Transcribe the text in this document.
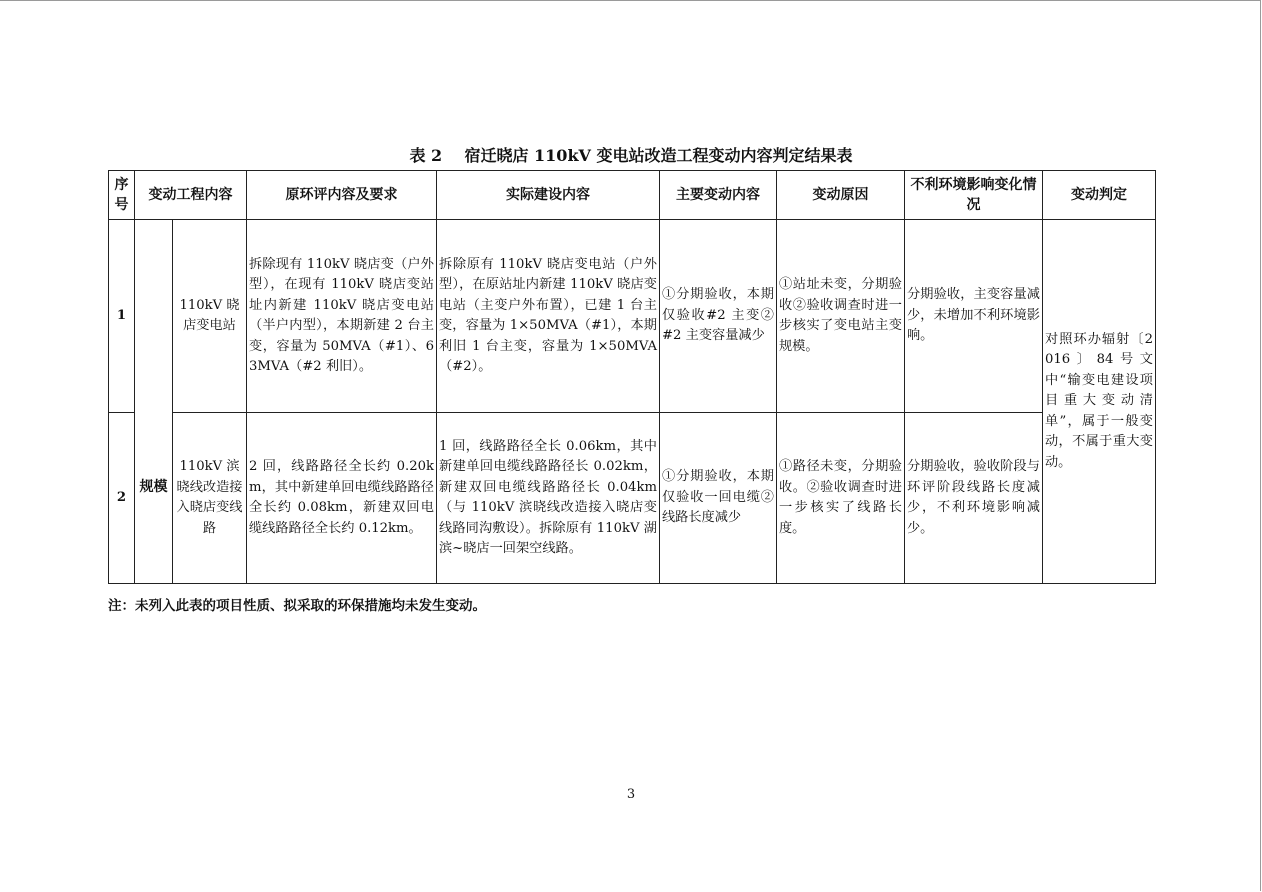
表 2    宿迁晓店 110kV 变电站改造工程变动内容判定结果表
序号	变动工程内容		原环评内容及要求	实际建设内容	主要变动内容	变动原因	不利环境影响变化情况	变动判定
1	规模	110kV 晓店变电站	拆除现有 110kV 晓店变（户外型），在现有 110kV 晓店变站址内新建 110kV 晓店变电站（半户内型），本期新建 2 台主变，容量为 50MVA（#1）、63MVA（#2 利旧）。	拆除原有 110kV 晓店变电站（户外型），在原站址内新建 110kV 晓店变电站（主变户外布置），已建 1 台主变，容量为 1×50MVA（#1），本期利旧 1 台主变，容量为 1×50MVA（#2）。	①分期验收，本期仅验收#2 主变②#2 主变容量减少	①站址未变，分期验收②验收调查时进一步核实了变电站主变规模。	分期验收，主变容量减少，未增加不利环境影响。	对照环办辐射〔2016〕84号文中“输变电建设项目重大变动清单”，属于一般变动，不属于重大变动。
2		110kV 滨晓线改造接入晓店变线路	2 回，线路路径全长约 0.20km，其中新建单回电缆线路路径全长约 0.08km，新建双回电缆线路路径全长约 0.12km。	1 回，线路路径全长 0.06km，其中新建单回电缆线路路径长 0.02km，新建双回电缆线路路径长 0.04km（与 110kV 滨晓线改造接入晓店变线路同沟敷设）。拆除原有 110kV 湖滨~晓店一回架空线路。	①分期验收，本期仅验收一回电缆②线路长度减少	①路径未变，分期验收。②验收调查时进一步核实了线路长度。	分期验收，验收阶段与环评阶段线路长度减少，不利环境影响减少。	
注：未列入此表的项目性质、拟采取的环保措施均未发生变动。
3
